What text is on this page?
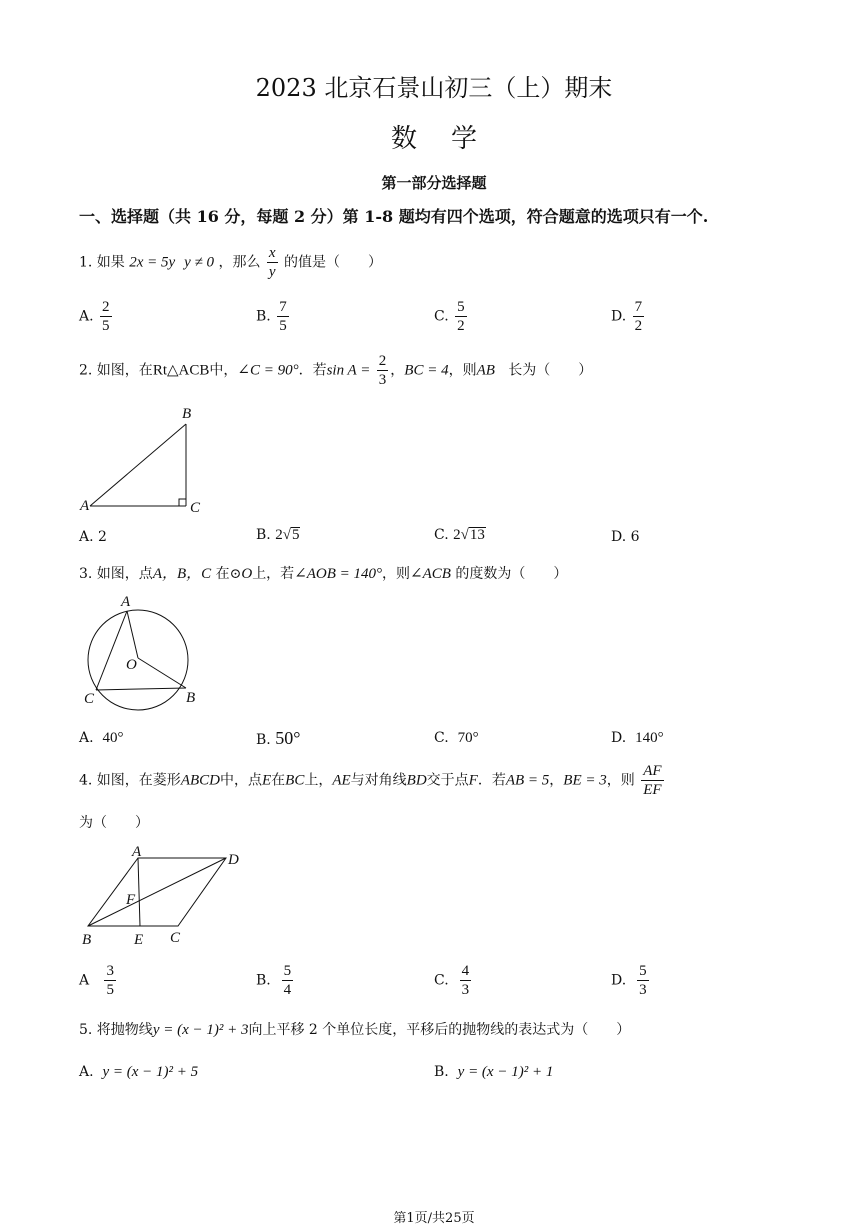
2023 北京石景山初三（上）期末
数学
第一部分选择题
一、选择题（共 16 分，每题 2 分）第 1-8 题均有四个选项，符合题意的选项只有一个.
1. 如果 2x = 5y y ≠ 0 ，那么 $\frac{x}{y}$ 的值是（　　）
A. $\frac{2}{5}$	B. $\frac{7}{5}$	C. $\frac{5}{2}$	D. $\frac{7}{2}$
2. 如图，在Rt△ACB中，∠C = 90°．若$\sin A = \frac{2}{3}$ ，BC = 4，则AB 长为（　　）
A
B
C
A. 2	B. 2√5	C. 2√13	D. 6
3. 如图，点A，B，C 在⊙O上，若∠AOB = 140°，则∠ACB 的度数为（　　）
A
O
C	B
A. 40°	B. 50°	C. 70°	D. 140°
4. 如图，在菱形ABCD中，点E在BC上，AE与对角线BD交于点F．若AB = 5，BE = 3，则 $\frac{AF}{EF}$
为（　　）
A	D
F
B	E C
A $\frac{3}{5}$	B. $\frac{5}{4}$	C. $\frac{4}{3}$	D. $\frac{5}{3}$
5. 将抛物线y = (x − 1)² + 3向上平移 2 个单位长度，平移后的抛物线的表达式为（　　）
A. y = (x − 1)² + 5	B. y = (x − 1)² + 1
第1页/共25页
